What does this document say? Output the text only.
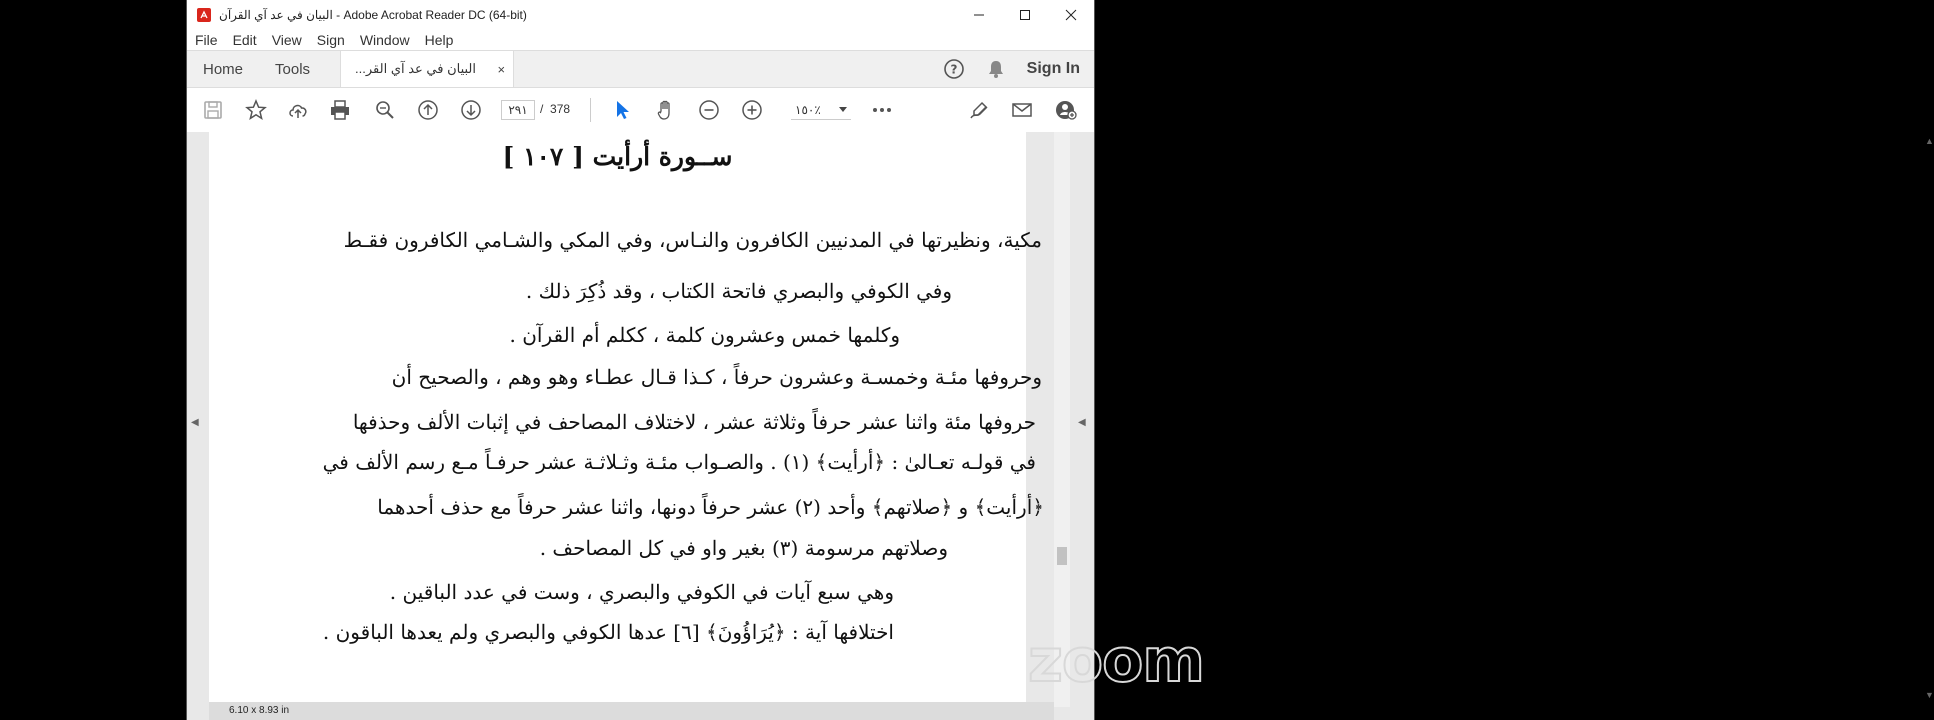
البيان في عد آي القرآن - Adobe Acrobat Reader DC (64-bit)
File Edit View Sign Window Help
Home	Tools	البيان في عد آي القر... ×	?	Sign In
٢٩١	/ 378	١٥٠٪
◀
ســورة أرأيت [ ١٠٧ ]
مكية، ونظيرتها في المدنيين الكافرون والنـاس، وفي المكي والشـامي الكافرون فقـط
وفي الكوفي والبصري فاتحة الكتاب ، وقد ذُكِرَ ذلك .
وكلمها خمس وعشرون كلمة ، ككلم أم القرآن .
وحروفها مئـة وخمسـة وعشرون حرفاً ، كـذا قـال عطـاء وهو وهم ، والصحيح أن
حروفها مئة واثنا عشر حرفاً وثلاثة عشر ، لاختلاف المصاحف في إثبات الألف وحذفها
في قولـه تعـالىٰ : ﴿أرأيت﴾ (١) . والصـواب مئـة وثـلاثـة عشر حرفـاً مـع رسم الألف في
﴿أرأيت﴾ و ﴿صلاتهم﴾ وأحد (٢) عشر حرفاً دونها، واثنا عشر حرفاً مع حذف أحدهما
وصلاتهم مرسومة (٣) بغير واو في كل المصاحف .
وهي سبع آيات في الكوفي والبصري ، وست في عدد الباقين .
اختلافها آية : ﴿يُرَاؤُونَ﴾ [٦] عدها الكوفي والبصري ولم يعدها الباقون .
▲
▼
◀
6.10 x 8.93 in
zoom
